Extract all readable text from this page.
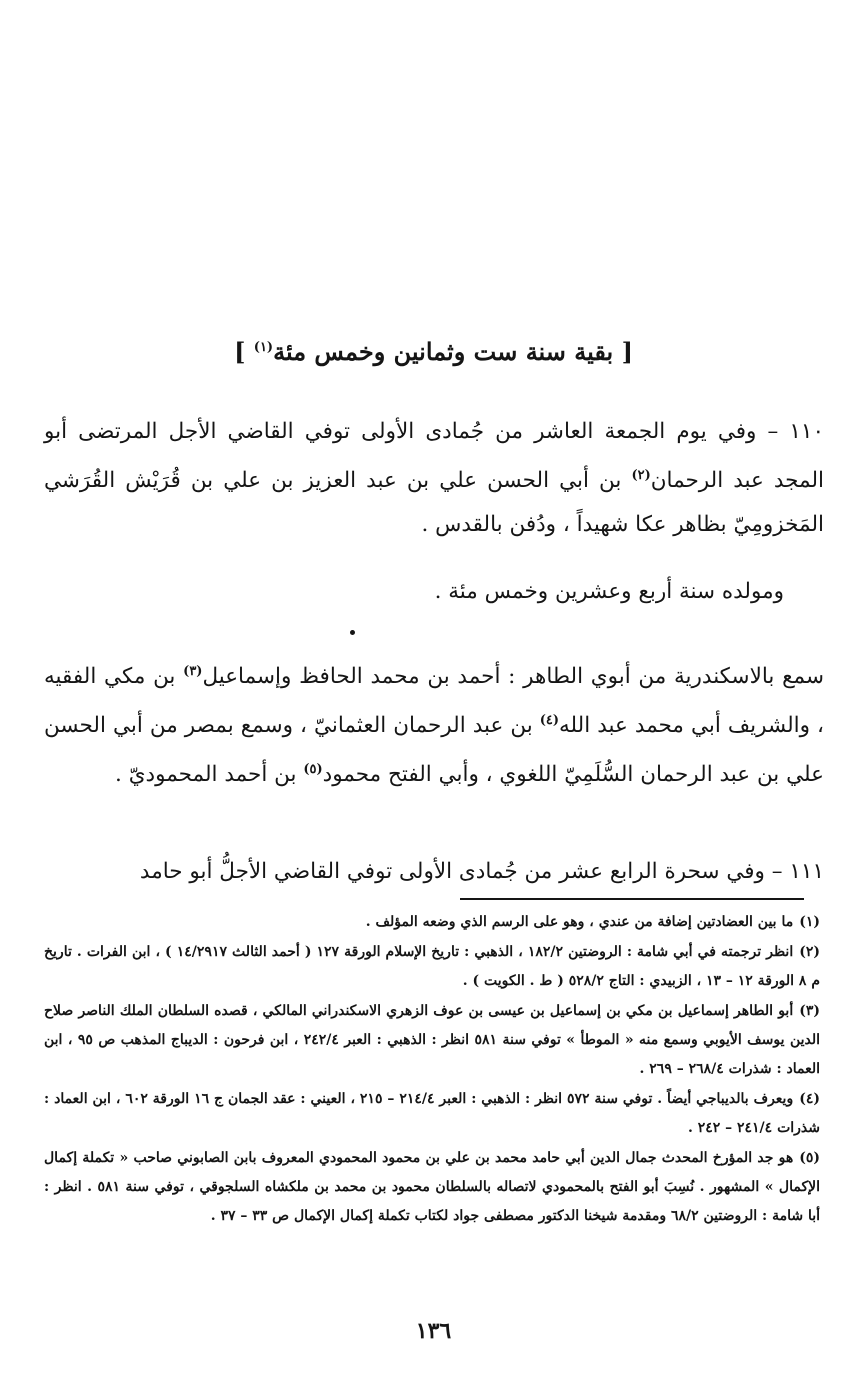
[ بقية سنة ست وثمانين وخمس مئة$^{(١)}$ ]
١١٠ – وفي يوم الجمعة العاشر من جُمادى الأولى توفي القاضي الأجل المرتضى أبو المجد عبد الرحمان$^{(٢)}$ بن أبي الحسن علي بن عبد العزيز بن علي بن قُرَيْش القُرَشي المَخزومِيّ بظاهر عكا شهيداً ، ودُفن بالقدس .
ومولده سنة أربع وعشرين وخمس مئة .
سمع بالاسكندرية من أبوي الطاهر : أحمد بن محمد الحافظ وإسماعيل$^{(٣)}$ بن مكي الفقيه ، والشريف أبي محمد عبد الله$^{(٤)}$ بن عبد الرحمان العثمانيّ ، وسمع بمصر من أبي الحسن علي بن عبد الرحمان السُّلَمِيّ اللغوي ، وأبي الفتح محمود$^{(٥)}$ بن أحمد المحموديّ .
١١١ – وفي سحرة الرابع عشر من جُمادى الأولى توفي القاضي الأجلُّ أبو حامد
(١)ما بين العضادتين إضافة من عندي ، وهو على الرسم الذي وضعه المؤلف .
(٢)انظر ترجمته في أبي شامة : الروضتين ١٨٢/٢ ، الذهبي : تاريخ الإسلام الورقة ١٢٧ ( أحمد الثالث ١٤/٢٩١٧ ) ، ابن الفرات . تاريخ م ٨ الورقة ١٢ – ١٣ ، الزبيدي : التاج ٥٢٨/٢ ( ط . الكويت ) .
(٣)أبو الطاهر إسماعيل بن مكي بن إسماعيل بن عيسى بن عوف الزهري الاسكندراني المالكي ، قصده السلطان الملك الناصر صلاح الدين يوسف الأيوبي وسمع منه « الموطأ » توفي سنة ٥٨١ انظر : الذهبي : العبر ٢٤٢/٤ ، ابن فرحون : الديباج المذهب ص ٩٥ ، ابن العماد : شذرات ٢٦٨/٤ – ٢٦٩ .
(٤)ويعرف بالديباجي أيضاً . توفي سنة ٥٧٢ انظر : الذهبي : العبر ٢١٤/٤ – ٢١٥ ، العيني : عقد الجمان ج ١٦ الورقة ٦٠٢ ، ابن العماد : شذرات ٢٤١/٤ – ٢٤٢ .
(٥)هو جد المؤرخ المحدث جمال الدين أبي حامد محمد بن علي بن محمود المحمودي المعروف بابن الصابوني صاحب « تكملة إكمال الإكمال » المشهور . نُسِبَ أبو الفتح بالمحمودي لاتصاله بالسلطان محمود بن محمد بن ملكشاه السلجوقي ، توفي سنة ٥٨١ . انظر : أبا شامة : الروضتين ٦٨/٢ ومقدمة شيخنا الدكتور مصطفى جواد لكتاب تكملة إكمال الإكمال ص ٣٣ – ٣٧ .
١٣٦
